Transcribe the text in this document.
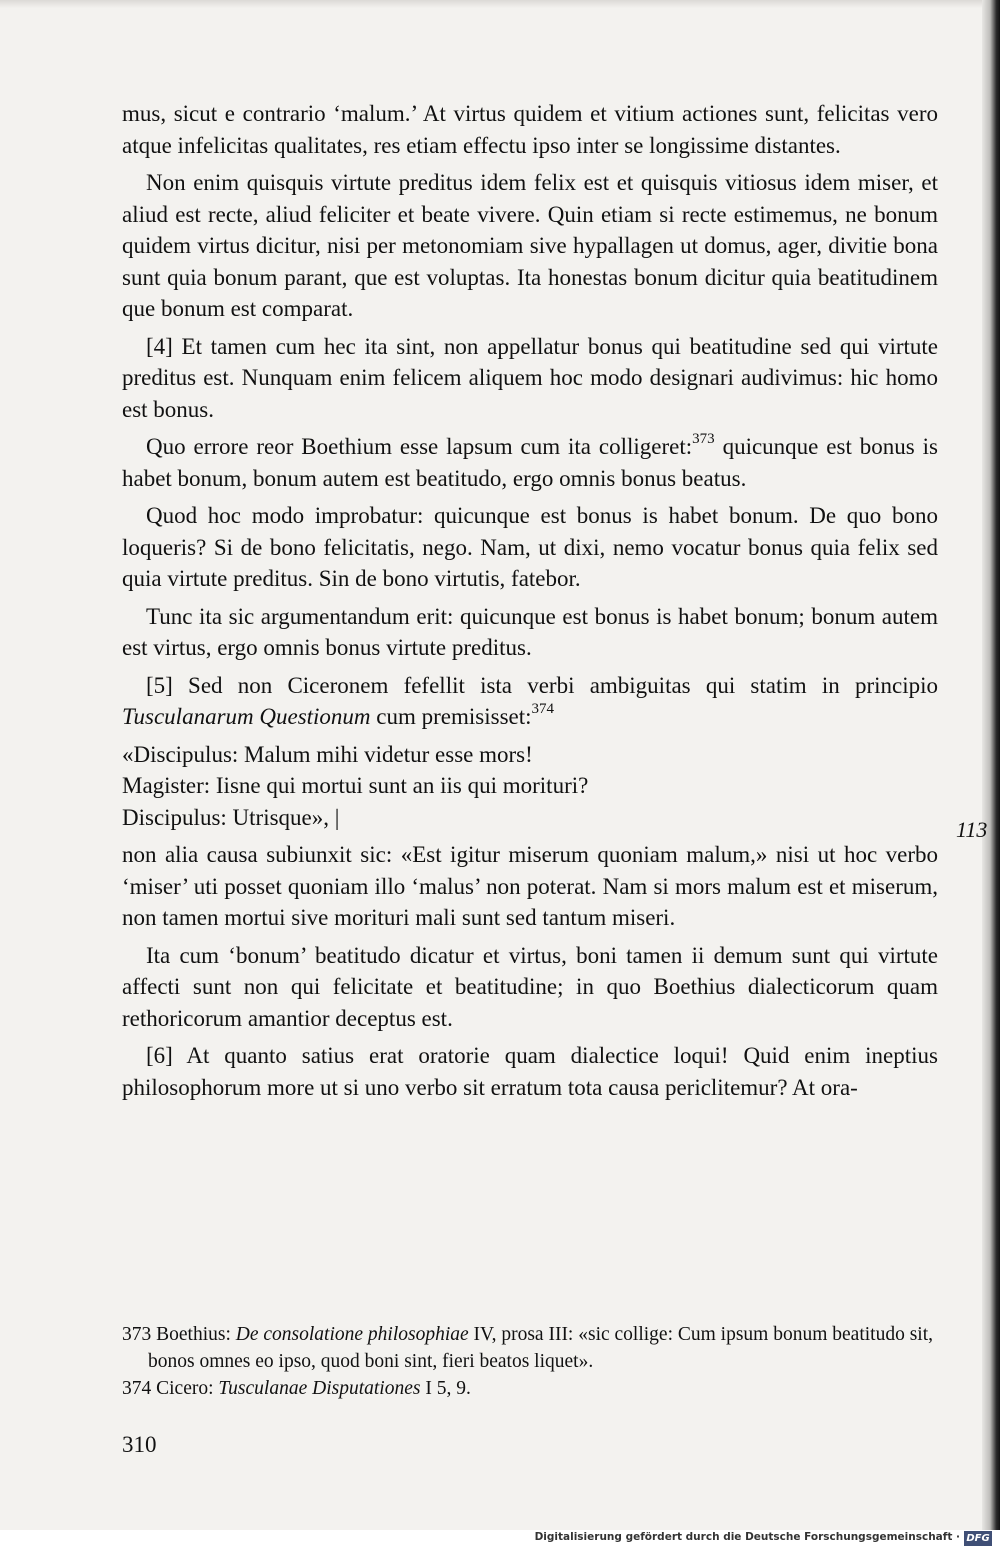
mus, sicut e contrario ‘malum.’ At virtus quidem et vitium actiones sunt, felicitas vero atque infelicitas qualitates, res etiam effectu ipso inter se longissime distantes.

Non enim quisquis virtute preditus idem felix est et quisquis vitiosus idem miser, et aliud est recte, aliud feliciter et beate vivere. Quin etiam si recte estimemus, ne bonum quidem virtus dicitur, nisi per metonomiam sive hypallagen ut domus, ager, divitie bona sunt quia bonum parant, que est voluptas. Ita honestas bonum dicitur quia beatitudinem que bonum est comparat.

[4] Et tamen cum hec ita sint, non appellatur bonus qui beatitudine sed qui virtute preditus est. Nunquam enim felicem aliquem hoc modo designari audivimus: hic homo est bonus.

Quo errore reor Boethium esse lapsum cum ita colligeret:$^{373}$ quicunque est bonus is habet bonum, bonum autem est beatitudo, ergo omnis bonus beatus.

Quod hoc modo improbatur: quicunque est bonus is habet bonum. De quo bono loqueris? Si de bono felicitatis, nego. Nam, ut dixi, nemo vocatur bonus quia felix sed quia virtute preditus. Sin de bono virtutis, fatebor.

Tunc ita sic argumentandum erit: quicunque est bonus is habet bonum; bonum autem est virtus, ergo omnis bonus virtute preditus.

[5] Sed non Ciceronem fefellit ista verbi ambiguitas qui statim in principio Tusculanarum Questionum cum premisisset:$^{374}$

«Discipulus: Malum mihi videtur esse mors!
Magister: Iisne qui mortui sunt an iis qui morituri?
Discipulus: Utrisque», |

non alia causa subiunxit sic: «Est igitur miserum quoniam malum,» nisi ut hoc verbo ‘miser’ uti posset quoniam illo ‘malus’ non poterat. Nam si mors malum est et miserum, non tamen mortui sive morituri mali sunt sed tantum miseri.

Ita cum ‘bonum’ beatitudo dicatur et virtus, boni tamen ii demum sunt qui virtute affecti sunt non qui felicitate et beatitudine; in quo Boethius dialecticorum quam rethoricorum amantior deceptus est.

[6] At quanto satius erat oratorie quam dialectice loqui! Quid enim ineptius philosophorum more ut si uno verbo sit erratum tota causa periclitemur? At ora-

113

373 Boethius: De consolatione philosophiae IV, prosa III: «sic collige: Cum ipsum bonum beatitudo sit, bonos omnes eo ipso, quod boni sint, fieri beatos liquet».

374 Cicero: Tusculanae Disputationes I 5, 9.

310
Digitalisierung gefördert durch die Deutsche Forschungsgemeinschaft · DFG
